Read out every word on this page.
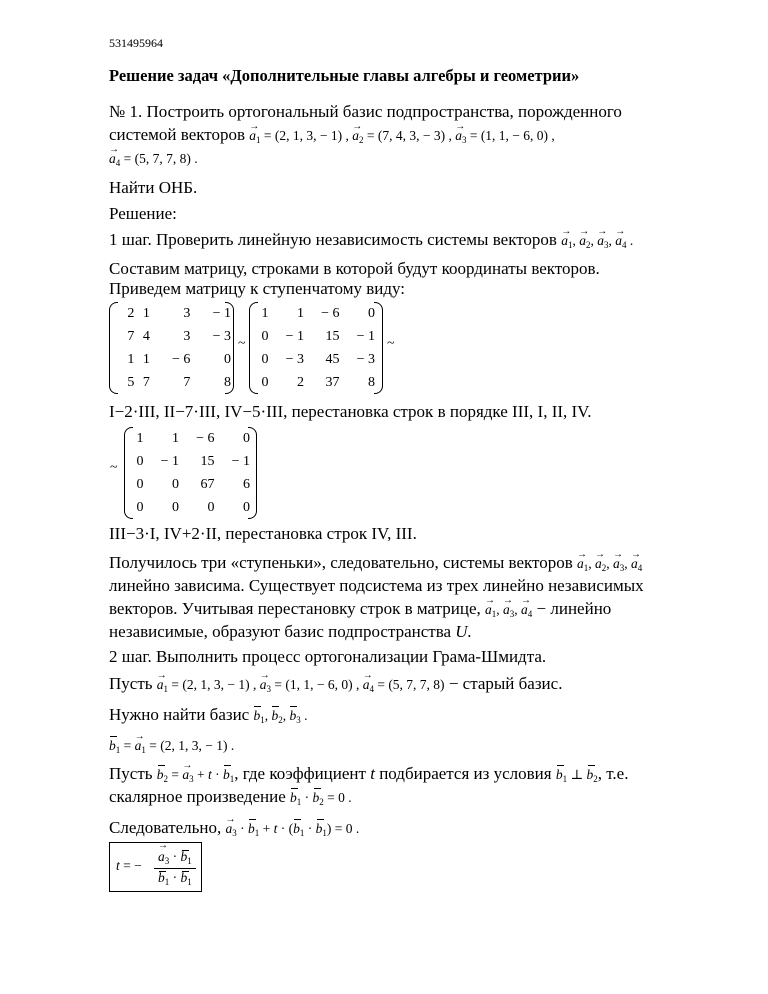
531495964
Решение задач «Дополнительные главы алгебры и геометрии»
№ 1. Построить ортогональный базис подпространства, порожденного
системой векторов → $a_1 = (2$, 1, 3, − 1) , → $a_2 = (7$, 4, 3, − 3) , → $a_3 = (1$, 1, − 6, 0) ,
→ $a_4 = (5$, 7, 7, 8) .
Найти ОНБ.
Решение:
1 шаг. Проверить линейную независимость системы векторов → $a_1$, → $a_2$, → $a_3$, → $a_4$ .
Составим матрицу, строками в которой будут координаты векторов.
Приведем матрицу к ступенчатому виду:
2	1	3	− 1
7	4	3	− 3
1	1	− 6	0
5	7	7	8
~
1	1	− 6	0
0	− 1	15	− 1
0	− 3	45	− 3
0	2	37	8
~
I−2·III, II−7·III, IV−5·III, перестановка строк в порядке III, I, II, IV.
~
1	1	− 6	0
0	− 1	15	− 1
0	0	67	6
0	0	0	0
III−3·I, IV+2·II, перестановка строк IV, III.
Получилось три «ступеньки», следовательно, системы векторов → $a_1$, → $a_2$, → $a_3$, → $a_4$
линейно зависима. Существует подсистема из трех линейно независимых
векторов. Учитывая перестановку строк в матрице, → $a_1$, → $a_3$, → $a_4$ − линейно
независимые, образуют базис подпространства U.
2 шаг. Выполнить процесс ортогонализации Грама-Шмидта.
Пусть → $a_1 = (2$, 1, 3, − 1) , → $a_3 = (1$, 1, − 6, 0) , → $a_4 = (5$, 7, 7, 8) − старый базис.
Нужно найти базис $b_1$, $b_2$, $b_3$ .
$b_1$ = → $a_1 = (2$, 1, 3, − 1) .
Пусть $b_2$ = → $a_3 + t \cdot b_1$, где коэффициент t подбирается из условия $b_1$ ⊥ $b_2$, т.е.
скалярное произведение $b_1 \cdot b_2 = 0$ .
Следовательно, → $a_3 \cdot b_1 + t \cdot (b_1 \cdot b_1) = 0$ .
t = −
→ $a_3 \cdot b_1$
$b_1 \cdot b_1$
